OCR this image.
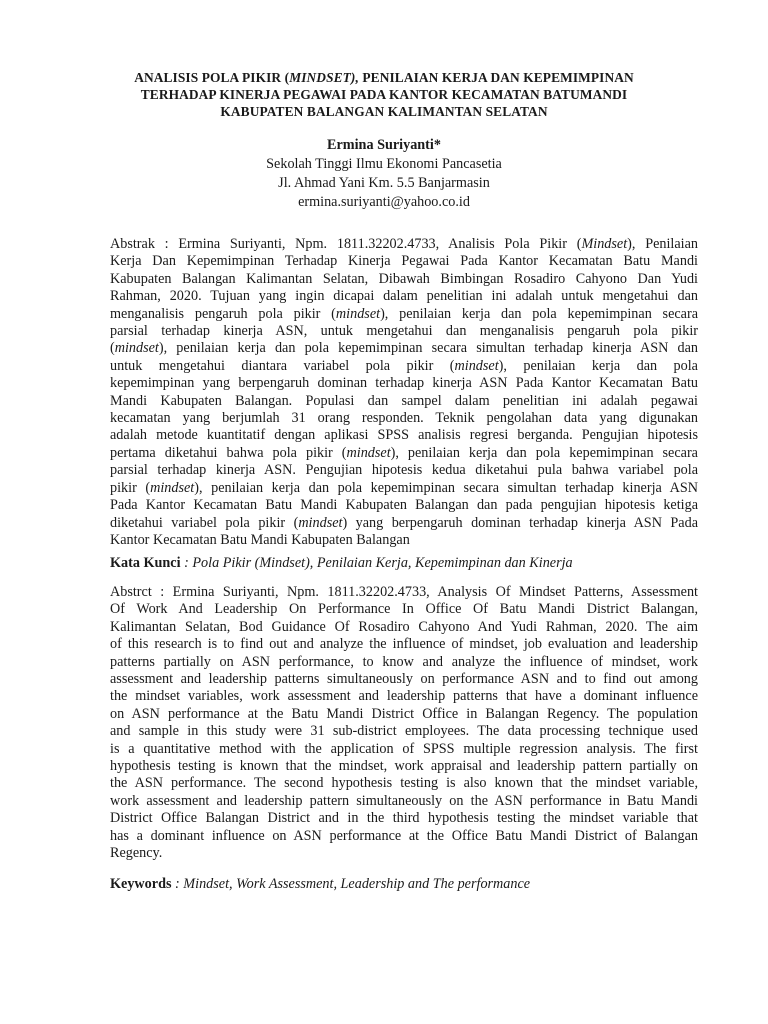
ANALISIS POLA PIKIR (MINDSET), PENILAIAN KERJA DAN KEPEMIMPINAN
TERHADAP KINERJA PEGAWAI PADA KANTOR KECAMATAN BATUMANDI
KABUPATEN BALANGAN KALIMANTAN SELATAN
Ermina Suriyanti*
Sekolah Tinggi Ilmu Ekonomi Pancasetia
Jl. Ahmad Yani Km. 5.5 Banjarmasin
ermina.suriyanti@yahoo.co.id
Abstrak : Ermina Suriyanti, Npm. 1811.32202.4733, Analisis Pola Pikir (Mindset), Penilaian
Kerja Dan Kepemimpinan Terhadap Kinerja Pegawai Pada Kantor Kecamatan Batu Mandi
Kabupaten Balangan Kalimantan Selatan, Dibawah Bimbingan Rosadiro Cahyono Dan Yudi
Rahman, 2020. Tujuan yang ingin dicapai dalam penelitian ini adalah untuk mengetahui dan
menganalisis pengaruh pola pikir (mindset), penilaian kerja dan pola kepemimpinan secara
parsial terhadap kinerja ASN, untuk mengetahui dan menganalisis pengaruh pola pikir
(mindset), penilaian kerja dan pola kepemimpinan secara simultan terhadap kinerja ASN dan
untuk mengetahui diantara variabel pola pikir (mindset), penilaian kerja dan pola
kepemimpinan yang berpengaruh dominan terhadap kinerja ASN Pada Kantor Kecamatan Batu
Mandi Kabupaten Balangan. Populasi dan sampel dalam penelitian ini adalah pegawai
kecamatan yang berjumlah 31 orang responden. Teknik pengolahan data yang digunakan
adalah metode kuantitatif dengan aplikasi SPSS analisis regresi berganda. Pengujian hipotesis
pertama diketahui bahwa pola pikir (mindset), penilaian kerja dan pola kepemimpinan secara
parsial terhadap kinerja ASN. Pengujian hipotesis kedua diketahui pula bahwa variabel pola
pikir (mindset), penilaian kerja dan pola kepemimpinan secara simultan terhadap kinerja ASN
Pada Kantor Kecamatan Batu Mandi Kabupaten Balangan dan pada pengujian hipotesis ketiga
diketahui variabel pola pikir (mindset) yang berpengaruh dominan terhadap kinerja ASN Pada
Kantor Kecamatan Batu Mandi Kabupaten Balangan
Kata Kunci : Pola Pikir (Mindset), Penilaian Kerja, Kepemimpinan dan Kinerja
Abstrct : Ermina Suriyanti, Npm. 1811.32202.4733, Analysis Of Mindset Patterns, Assessment
Of Work And Leadership On Performance In Office Of Batu Mandi District Balangan,
Kalimantan Selatan, Bod Guidance Of Rosadiro Cahyono And Yudi Rahman, 2020. The aim
of this research is to find out and analyze the influence of mindset, job evaluation and leadership
patterns partially on ASN performance, to know and analyze the influence of mindset, work
assessment and leadership patterns simultaneously on performance ASN and to find out among
the mindset variables, work assessment and leadership patterns that have a dominant influence
on ASN performance at the Batu Mandi District Office in Balangan Regency. The population
and sample in this study were 31 sub-district employees. The data processing technique used
is a quantitative method with the application of SPSS multiple regression analysis. The first
hypothesis testing is known that the mindset, work appraisal and leadership pattern partially on
the ASN performance. The second hypothesis testing is also known that the mindset variable,
work assessment and leadership pattern simultaneously on the ASN performance in Batu Mandi
District Office Balangan District and in the third hypothesis testing the mindset variable that
has a dominant influence on ASN performance at the Office Batu Mandi District of Balangan
Regency.
Keywords : Mindset, Work Assessment, Leadership and The performance
